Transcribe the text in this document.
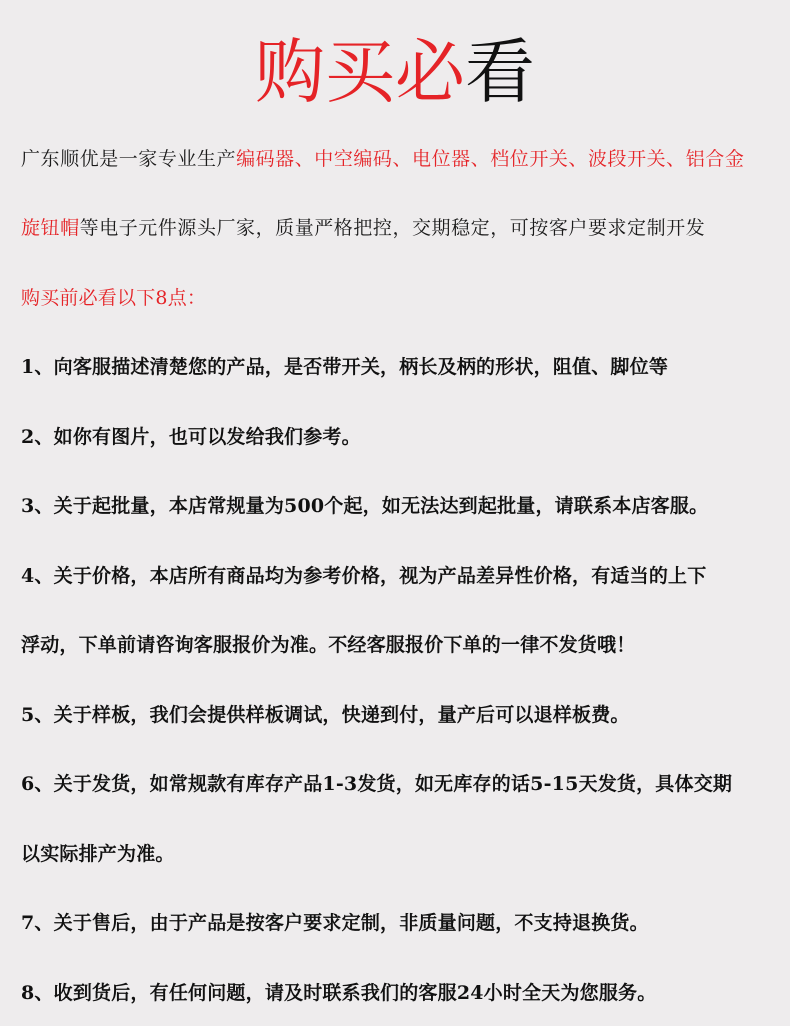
购买必看
广东顺优是一家专业生产编码器、中空编码、电位器、档位开关、波段开关、铝合金
旋钮帽等电子元件源头厂家，质量严格把控，交期稳定，可按客户要求定制开发
购买前必看以下8点：
1、向客服描述清楚您的产品，是否带开关，柄长及柄的形状，阻值、脚位等
2、如你有图片，也可以发给我们参考。
3、关于起批量，本店常规量为500个起，如无法达到起批量，请联系本店客服。
4、关于价格，本店所有商品均为参考价格，视为产品差异性价格，有适当的上下
浮动，下单前请咨询客服报价为准。不经客服报价下单的一律不发货哦！
5、关于样板，我们会提供样板调试，快递到付，量产后可以退样板费。
6、关于发货，如常规款有库存产品1-3发货，如无库存的话5-15天发货，具体交期
以实际排产为准。
7、关于售后，由于产品是按客户要求定制，非质量问题，不支持退换货。
8、收到货后，有任何问题，请及时联系我们的客服24小时全天为您服务。
